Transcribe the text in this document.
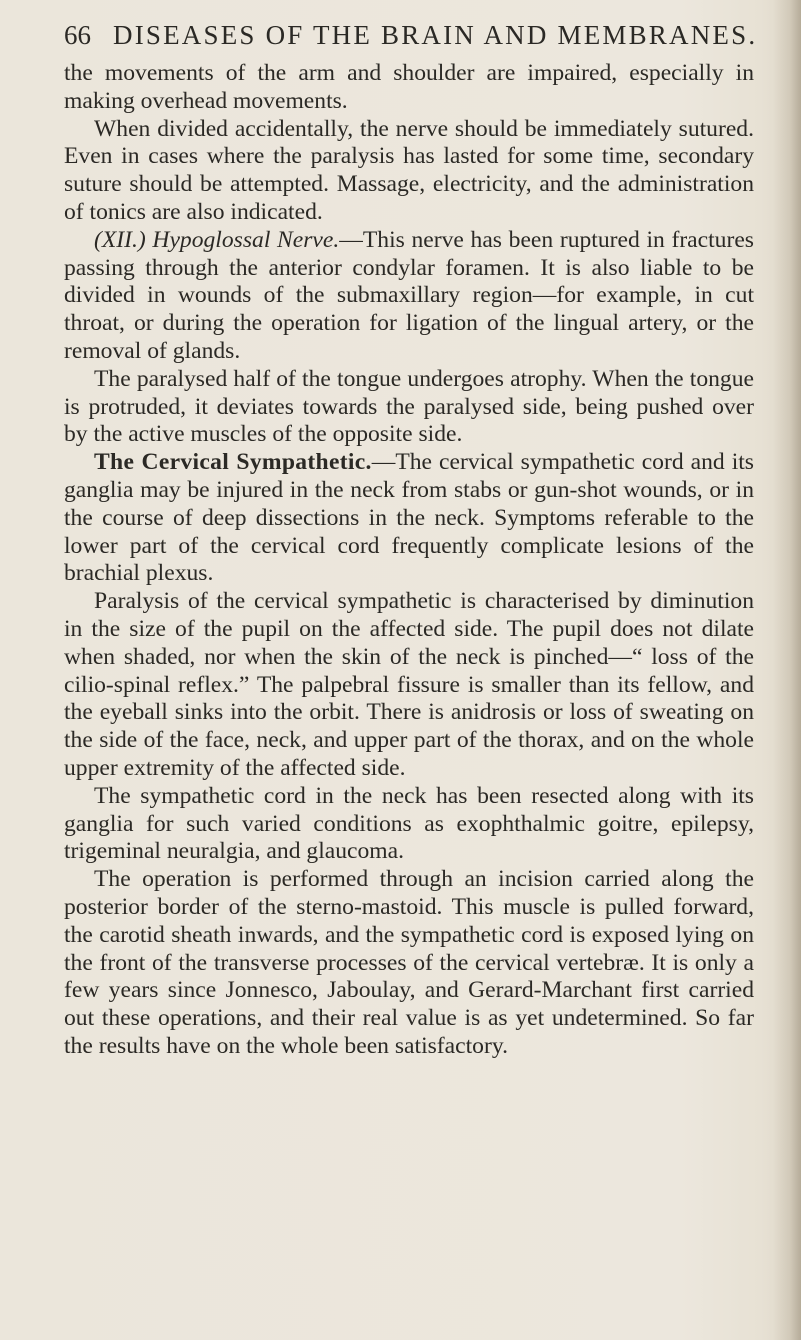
66 DISEASES OF THE BRAIN AND MEMBRANES.

the movements of the arm and shoulder are impaired, especially in making overhead movements.

When divided accidentally, the nerve should be immediately sutured. Even in cases where the paralysis has lasted for some time, secondary suture should be attempted. Massage, electricity, and the administration of tonics are also indicated.

(XII.) Hypoglossal Nerve.—This nerve has been ruptured in fractures passing through the anterior condylar foramen. It is also liable to be divided in wounds of the submaxillary region—for example, in cut throat, or during the operation for ligation of the lingual artery, or the removal of glands.

The paralysed half of the tongue undergoes atrophy. When the tongue is protruded, it deviates towards the paralysed side, being pushed over by the active muscles of the opposite side.

The Cervical Sympathetic.—The cervical sympathetic cord and its ganglia may be injured in the neck from stabs or gun-shot wounds, or in the course of deep dissections in the neck. Symptoms referable to the lower part of the cervical cord frequently complicate lesions of the brachial plexus.

Paralysis of the cervical sympathetic is characterised by diminution in the size of the pupil on the affected side. The pupil does not dilate when shaded, nor when the skin of the neck is pinched—“ loss of the cilio-spinal reflex.” The palpebral fissure is smaller than its fellow, and the eyeball sinks into the orbit. There is anidrosis or loss of sweating on the side of the face, neck, and upper part of the thorax, and on the whole upper extremity of the affected side.

The sympathetic cord in the neck has been resected along with its ganglia for such varied conditions as exophthalmic goitre, epilepsy, trigeminal neuralgia, and glaucoma.

The operation is performed through an incision carried along the posterior border of the sterno-mastoid. This muscle is pulled forward, the carotid sheath inwards, and the sympathetic cord is exposed lying on the front of the transverse processes of the cervical vertebræ. It is only a few years since Jonnesco, Jaboulay, and Gerard-Marchant first carried out these operations, and their real value is as yet undetermined. So far the results have on the whole been satisfactory.
